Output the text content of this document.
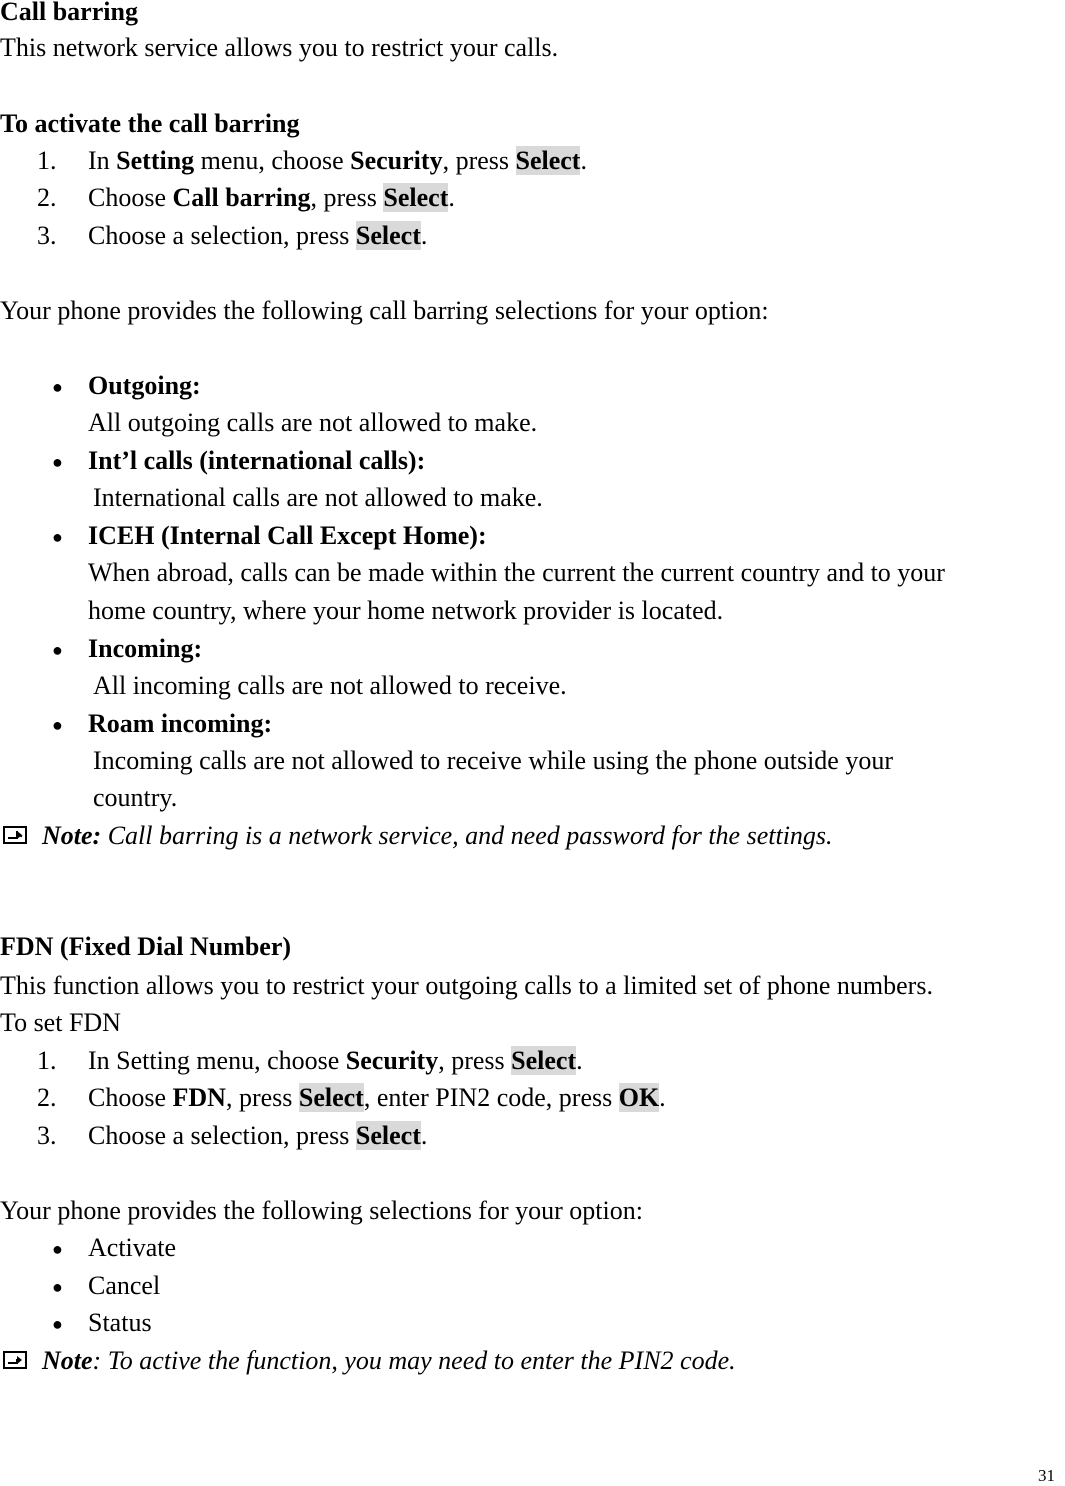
Call barring
This network service allows you to restrict your calls.
To activate the call barring
1. In Setting menu, choose Security, press Select.
2. Choose Call barring, press Select.
3. Choose a selection, press Select.
Your phone provides the following call barring selections for your option:
● Outgoing:
All outgoing calls are not allowed to make.
● Int’l calls (international calls):
International calls are not allowed to make.
● ICEH (Internal Call Except Home):
When abroad, calls can be made within the current the current country and to your
home country, where your home network provider is located.
● Incoming:
All incoming calls are not allowed to receive.
● Roam incoming:
Incoming calls are not allowed to receive while using the phone outside your
country.
Note: Call barring is a network service, and need password for the settings.
FDN (Fixed Dial Number)
This function allows you to restrict your outgoing calls to a limited set of phone numbers.
To set FDN
1. In Setting menu, choose Security, press Select.
2. Choose FDN, press Select, enter PIN2 code, press OK.
3. Choose a selection, press Select.
Your phone provides the following selections for your option:
● Activate
● Cancel
● Status
Note: To active the function, you may need to enter the PIN2 code.
31
